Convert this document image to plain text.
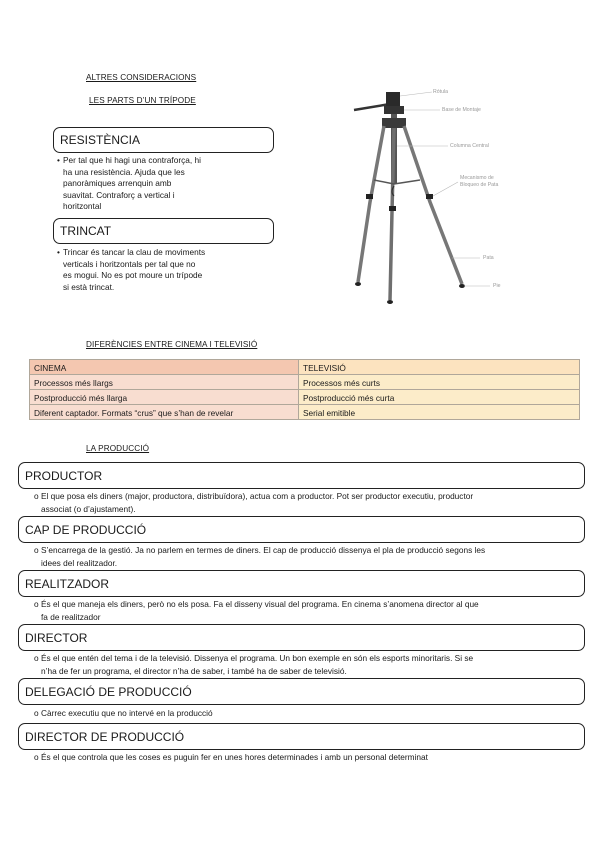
ALTRES CONSIDERACIONS
LES PARTS D’UN TRÍPODE
RESISTÈNCIA
• Per tal que hi hagi una contraforça, hi
ha una resistència. Ajuda que les
panoràmiques arrenquin amb
suavitat. Contraforç a vertical i
horitzontal
TRINCAT
• Trincar és tancar la clau de moviments
verticals i horitzontals per tal que no
es mogui. No es pot moure un trípode
si està trincat.
Rótula
Base de Montaje
Columna Central
Mecanismo de
Bloqueo de Pata
Pata
Pie
DIFERÈNCIES ENTRE CINEMA I TELEVISIÓ
CINEMA	TELEVISIÓ
Processos més llargs	Processos més curts
Postproducció més llarga	Postproducció més curta
Diferent captador. Formats “crus” que s’han de revelar	Serial emitible
LA PRODUCCIÓ
PRODUCTOR
o El que posa els diners (major, productora, distribuïdora), actua com a productor. Pot ser productor executiu, productor
associat (o d’ajustament).
CAP DE PRODUCCIÓ
o S’encarrega de la gestió. Ja no parlem en termes de diners. El cap de producció dissenya el pla de producció segons les
idees del realitzador.
REALITZADOR
o És el que maneja els diners, però no els posa. Fa el disseny visual del programa. En cinema s’anomena director al que
fa de realitzador
DIRECTOR
o És el que entén del tema i de la televisió. Dissenya el programa. Un bon exemple en són els esports minoritaris. Si se
n’ha de fer un programa, el director n’ha de saber, i també ha de saber de televisió.
DELEGACIÓ DE PRODUCCIÓ
o Càrrec executiu que no intervé en la producció
DIRECTOR DE PRODUCCIÓ
o És el que controla que les coses es puguin fer en unes hores determinades i amb un personal determinat
